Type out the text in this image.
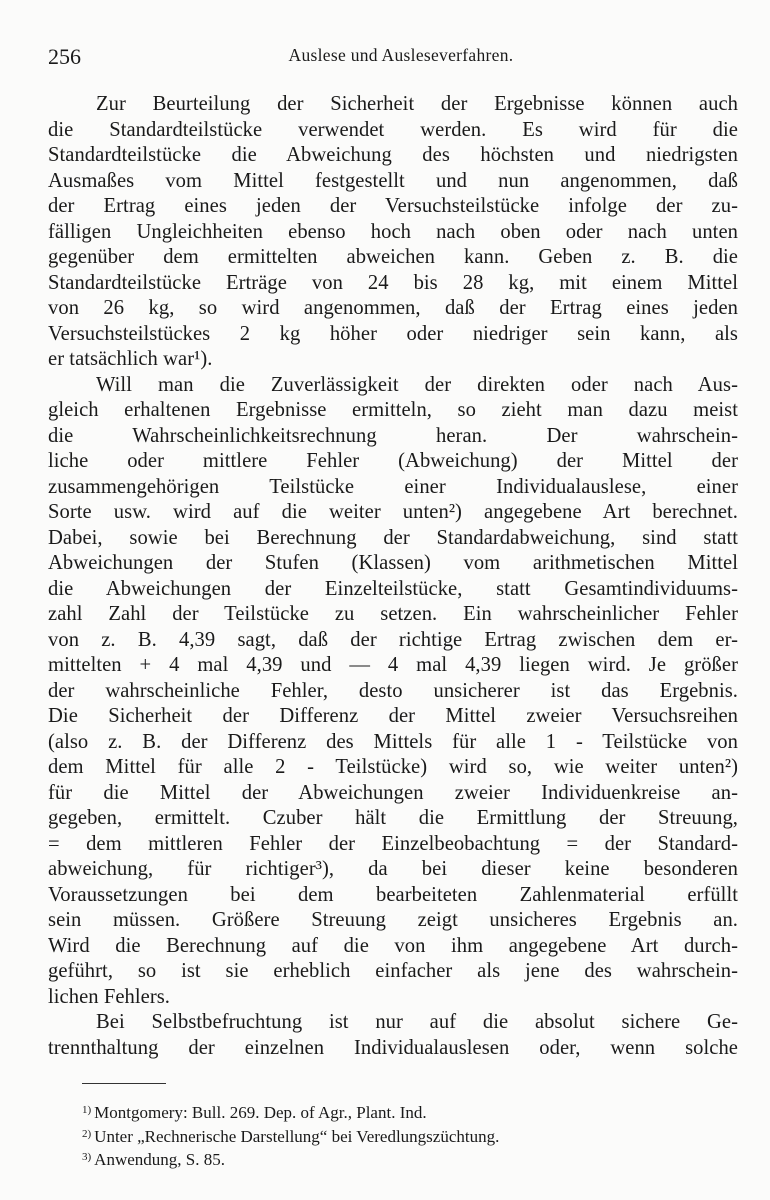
256	Auslese und Ausleseverfahren.

Zur Beurteilung der Sicherheit der Ergebnisse können auch
die Standardteilstücke verwendet werden. Es wird für die
Standardteilstücke die Abweichung des höchsten und niedrigsten
Ausmaßes vom Mittel festgestellt und nun angenommen, daß
der Ertrag eines jeden der Versuchsteilstücke infolge der zu-
fälligen Ungleichheiten ebenso hoch nach oben oder nach unten
gegenüber dem ermittelten abweichen kann. Geben z. B. die
Standardteilstücke Erträge von 24 bis 28 kg, mit einem Mittel
von 26 kg, so wird angenommen, daß der Ertrag eines jeden
Versuchsteilstückes 2 kg höher oder niedriger sein kann, als
er tatsächlich war¹).

Will man die Zuverlässigkeit der direkten oder nach Aus-
gleich erhaltenen Ergebnisse ermitteln, so zieht man dazu meist
die Wahrscheinlichkeitsrechnung heran. Der wahrschein-
liche oder mittlere Fehler (Abweichung) der Mittel der
zusammengehörigen Teilstücke einer Individualauslese, einer
Sorte usw. wird auf die weiter unten²) angegebene Art berechnet.
Dabei, sowie bei Berechnung der Standardabweichung, sind statt
Abweichungen der Stufen (Klassen) vom arithmetischen Mittel
die Abweichungen der Einzelteilstücke, statt Gesamtindividuums-
zahl Zahl der Teilstücke zu setzen. Ein wahrscheinlicher Fehler
von z. B. 4,39 sagt, daß der richtige Ertrag zwischen dem er-
mittelten + 4 mal 4,39 und — 4 mal 4,39 liegen wird. Je größer
der wahrscheinliche Fehler, desto unsicherer ist das Ergebnis.
Die Sicherheit der Differenz der Mittel zweier Versuchsreihen
(also z. B. der Differenz des Mittels für alle 1 - Teilstücke von
dem Mittel für alle 2 - Teilstücke) wird so, wie weiter unten²)
für die Mittel der Abweichungen zweier Individuenkreise an-
gegeben, ermittelt. Czuber hält die Ermittlung der Streuung,
= dem mittleren Fehler der Einzelbeobachtung = der Standard-
abweichung, für richtiger³), da bei dieser keine besonderen
Voraussetzungen bei dem bearbeiteten Zahlenmaterial erfüllt
sein müssen. Größere Streuung zeigt unsicheres Ergebnis an.
Wird die Berechnung auf die von ihm angegebene Art durch-
geführt, so ist sie erheblich einfacher als jene des wahrschein-
lichen Fehlers.

Bei Selbstbefruchtung ist nur auf die absolut sichere Ge-
trennthaltung der einzelnen Individualauslesen oder, wenn solche

$^{1)}$ Montgomery: Bull. 269. Dep. of Agr., Plant. Ind.
$^{2)}$ Unter „Rechnerische Darstellung“ bei Veredlungszüchtung.
$^{3)}$ Anwendung, S. 85.
